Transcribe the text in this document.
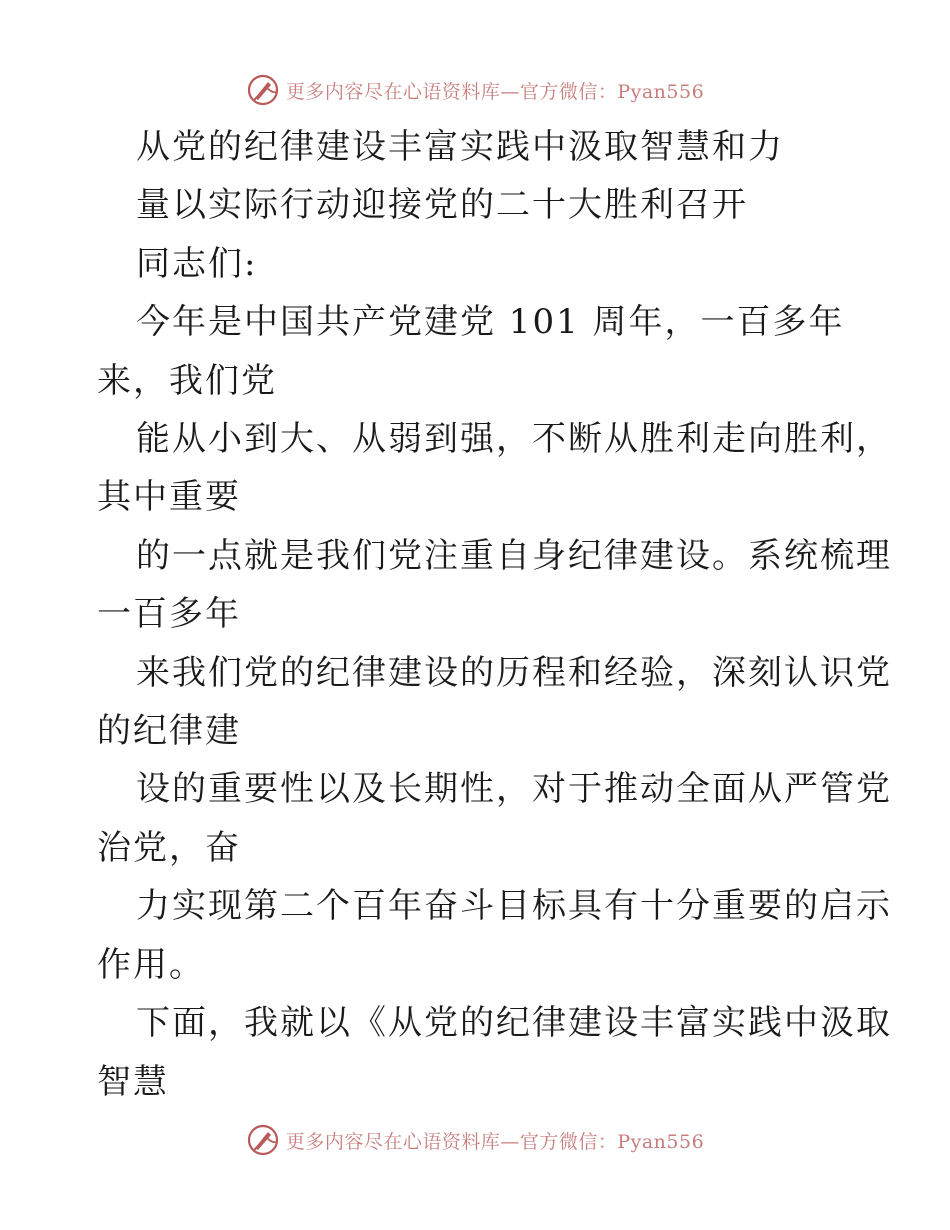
更多内容尽在心语资料库—官方微信：Pyan556
从党的纪律建设丰富实践中汲取智慧和力
量以实际行动迎接党的二十大胜利召开
同志们:
今年是中国共产党建党 101 周年，一百多年
来，我们党
能从小到大、从弱到强，不断从胜利走向胜利，
其中重要
的一点就是我们党注重自身纪律建设。系统梳理
一百多年
来我们党的纪律建设的历程和经验，深刻认识党
的纪律建
设的重要性以及长期性，对于推动全面从严管党
治党，奋
力实现第二个百年奋斗目标具有十分重要的启示
作用。
下面，我就以《从党的纪律建设丰富实践中汲取
智慧
更多内容尽在心语资料库—官方微信：Pyan556
